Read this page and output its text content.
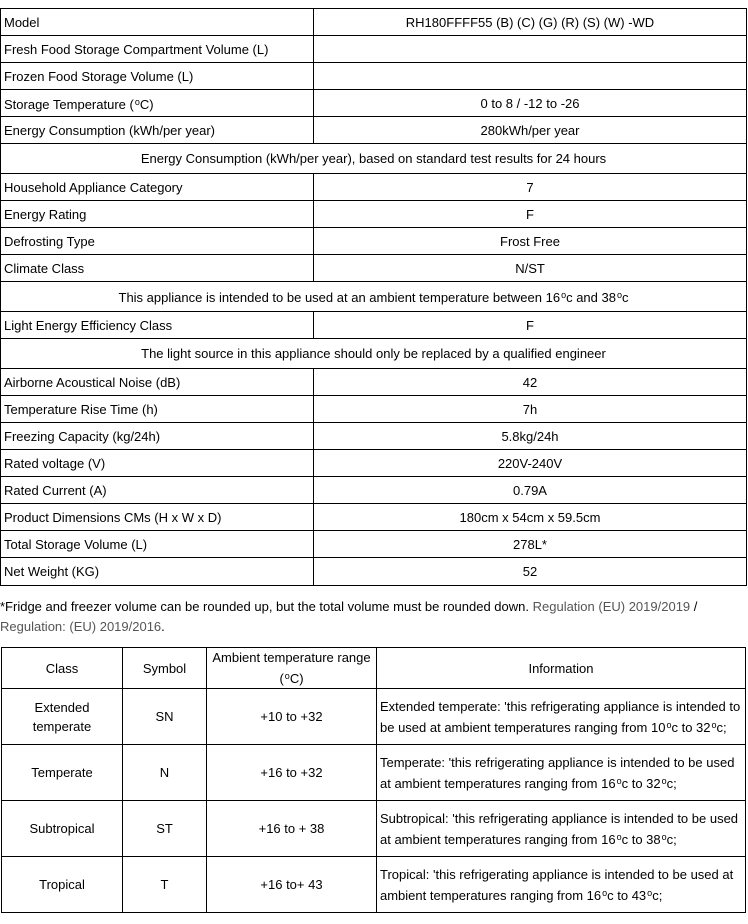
Model	RH180FFFF55 (B) (C) (G) (R) (S) (W) -WD
Fresh Food Storage Compartment Volume (L)	
Frozen Food Storage Volume (L)	
Storage Temperature ($^o$C)	0 to 8 / -12 to -26
Energy Consumption (kWh/per year)	280kWh/per year
Energy Consumption (kWh/per year), based on standard test results for 24 hours	
Household Appliance Category	7
Energy Rating	F
Defrosting Type	Frost Free
Climate Class	N/ST
This appliance is intended to be used at an ambient temperature between 16$^o$c and 38$^o$c	
Light Energy Efficiency Class	F
The light source in this appliance should only be replaced by a qualified engineer	
Airborne Acoustical Noise (dB)	42
Temperature Rise Time (h)	7h
Freezing Capacity (kg/24h)	5.8kg/24h
Rated voltage (V)	220V-240V
Rated Current (A)	0.79A
Product Dimensions CMs (H x W x D)	180cm x 54cm x 59.5cm
Total Storage Volume (L)	278L*
Net Weight (KG)	52
*Fridge and freezer volume can be rounded up, but the total volume must be rounded down. Regulation (EU) 2019/2019 / Regulation: (EU) 2019/2016.
Class	Symbol	Ambient temperature range ($^o$C)	Information
Extended temperate	SN	+10 to +32	Extended temperate: 'this refrigerating appliance is intended to be used at ambient temperatures ranging from 10$^o$c to 32$^o$c;
Temperate	N	+16 to +32	Temperate: 'this refrigerating appliance is intended to be used at ambient temperatures ranging from 16$^o$c to 32$^o$c;
Subtropical	ST	+16 to + 38	Subtropical: 'this refrigerating appliance is intended to be used at ambient temperatures ranging from 16$^o$c to 38$^o$c;
Tropical	T	+16 to+ 43	Tropical: 'this refrigerating appliance is intended to be used at ambient temperatures ranging from 16$^o$c to 43$^o$c;
